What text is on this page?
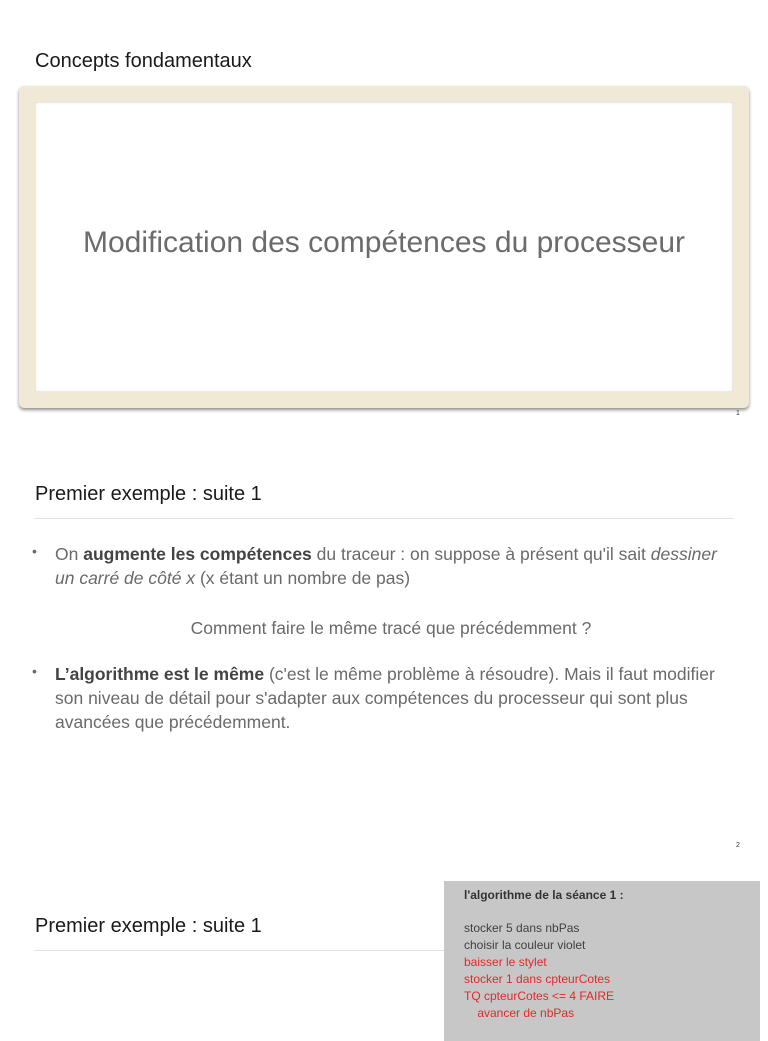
Concepts fondamentaux
Modification des compétences du processeur
1
Premier exemple : suite 1
• On augmente les compétences du traceur : on suppose à présent qu'il sait dessiner un carré de côté x (x étant un nombre de pas)
Comment faire le même tracé que précédemment ?
• L’algorithme est le même (c'est le même problème à résoudre). Mais il faut modifier son niveau de détail pour s'adapter aux compétences du processeur qui sont plus avancées que précédemment.
2
Premier exemple : suite 1
l'algorithme de la séance 1 :
stocker 5 dans nbPas
choisir la couleur violet
baisser le stylet
stocker 1 dans cpteurCotes
TQ cpteurCotes <= 4 FAIRE
avancer de nbPas
